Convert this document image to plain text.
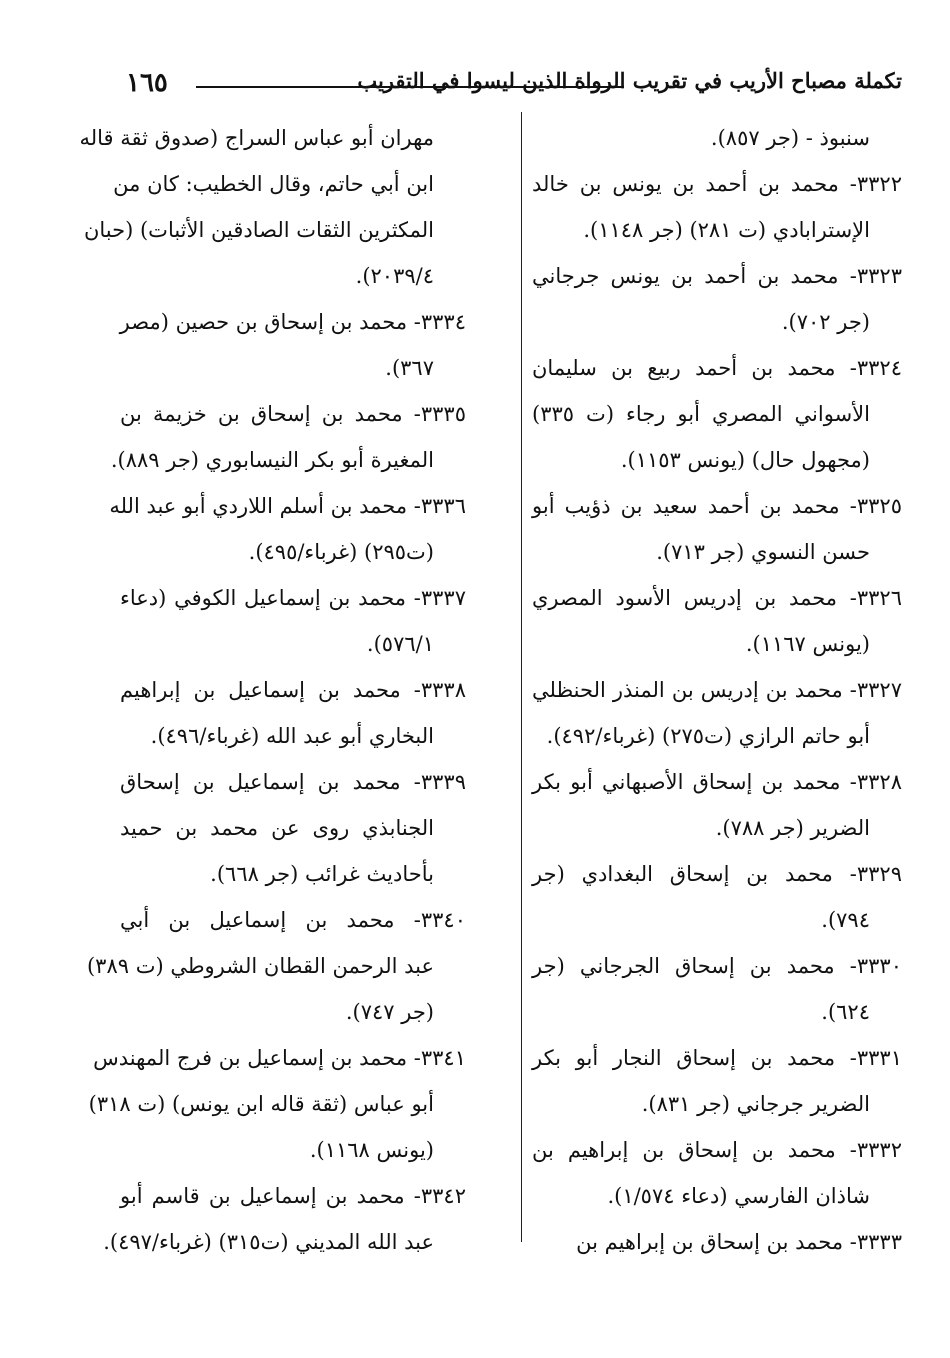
١٦٥	تكملة مصباح الأريب في تقريب الرواة الذين ليسوا في التقريب
سنبوذ - (جر ٨٥٧).
٣٣٢٢- محمد بن أحمد بن يونس بن خالد
الإسترابادي (ت ٢٨١) (جر ١١٤٨).
٣٣٢٣- محمد بن أحمد بن يونس جرجاني
(جر ٧٠٢).
٣٣٢٤- محمد بن أحمد ربيع بن سليمان
الأسواني المصري أبو رجاء (ت ٣٣٥)
(مجهول حال) (يونس ١١٥٣).
٣٣٢٥- محمد بن أحمد سعيد بن ذؤيب أبو
حسن النسوي (جر ٧١٣).
٣٣٢٦- محمد بن إدريس الأسود المصري
(يونس ١١٦٧).
٣٣٢٧- محمد بن إدريس بن المنذر الحنظلي
أبو حاتم الرازي (ت٢٧٥) (غرباء/٤٩٢).
٣٣٢٨- محمد بن إسحاق الأصبهاني أبو بكر
الضرير (جر ٧٨٨).
٣٣٢٩- محمد بن إسحاق البغدادي (جر
٧٩٤).
٣٣٣٠- محمد بن إسحاق الجرجاني (جر
٦٢٤).
٣٣٣١- محمد بن إسحاق النجار أبو بكر
الضرير جرجاني (جر ٨٣١).
٣٣٣٢- محمد بن إسحاق بن إبراهيم بن
شاذان الفارسي (دعاء ١/٥٧٤).
٣٣٣٣- محمد بن إسحاق بن إبراهيم بن
مهران أبو عباس السراج (صدوق ثقة قاله
ابن أبي حاتم، وقال الخطيب: كان من
المكثرين الثقات الصادقين الأثبات) (حبان
٢٠٣٩/٤).
٣٣٣٤- محمد بن إسحاق بن حصين (مصر
٣٦٧).
٣٣٣٥- محمد بن إسحاق بن خزيمة بن
المغيرة أبو بكر النيسابوري (جر ٨٨٩).
٣٣٣٦- محمد بن أسلم اللاردي أبو عبد الله
(ت٢٩٥) (غرباء/٤٩٥).
٣٣٣٧- محمد بن إسماعيل الكوفي (دعاء
٥٧٦/١).
٣٣٣٨- محمد بن إسماعيل بن إبراهيم
البخاري أبو عبد الله (غرباء/٤٩٦).
٣٣٣٩- محمد بن إسماعيل بن إسحاق
الجنابذي روى عن محمد بن حميد
بأحاديث غرائب (جر ٦٦٨).
٣٣٤٠- محمد بن إسماعيل بن أبي
عبد الرحمن القطان الشروطي (ت ٣٨٩)
(جر ٧٤٧).
٣٣٤١- محمد بن إسماعيل بن فرج المهندس
أبو عباس (ثقة قاله ابن يونس) (ت ٣١٨)
(يونس ١١٦٨).
٣٣٤٢- محمد بن إسماعيل بن قاسم أبو
عبد الله المديني (ت٣١٥) (غرباء/٤٩٧).
